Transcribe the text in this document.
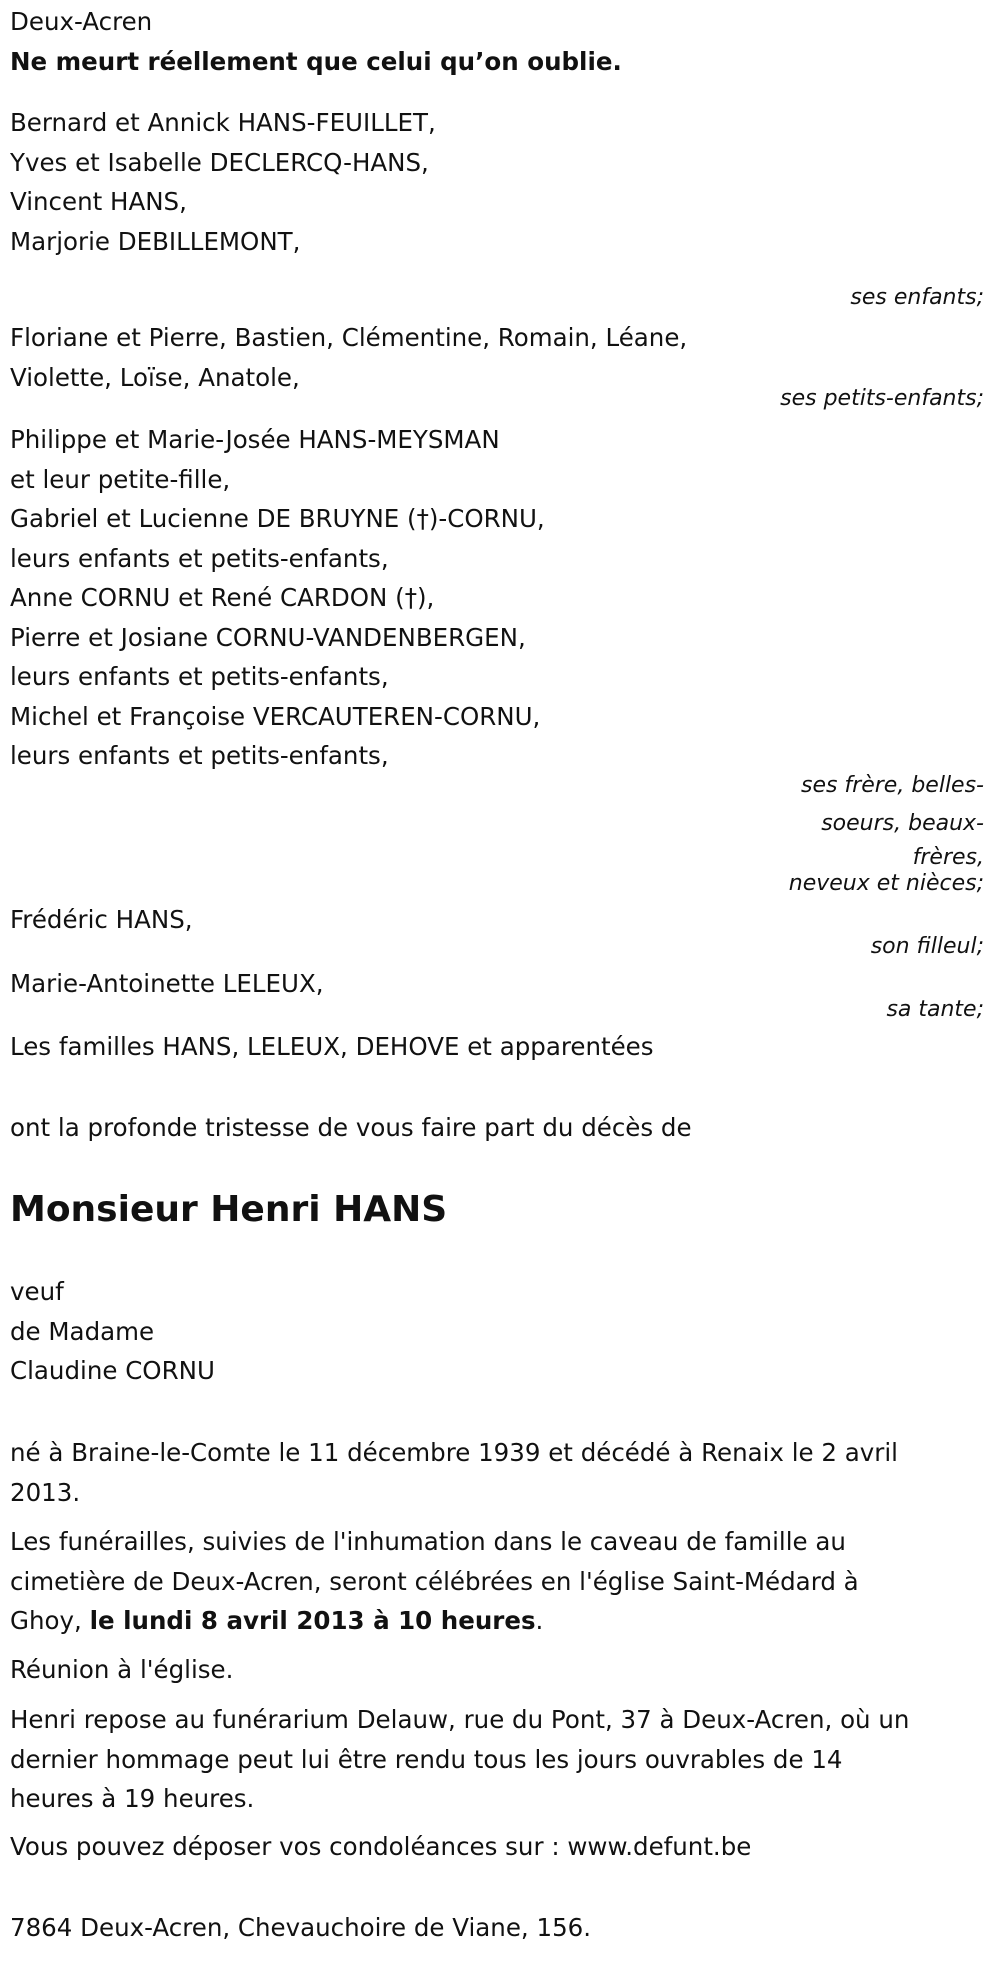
Deux-Acren
Ne meurt réellement que celui qu’on oublie.
Bernard et Annick HANS-FEUILLET,
Yves et Isabelle DECLERCQ-HANS,
Vincent HANS,
Marjorie DEBILLEMONT,
ses enfants;
Floriane et Pierre, Bastien, Clémentine, Romain, Léane,
Violette, Loïse, Anatole,
ses petits-enfants;
Philippe et Marie-Josée HANS-MEYSMAN
et leur petite-fille,
Gabriel et Lucienne DE BRUYNE (†)-CORNU,
leurs enfants et petits-enfants,
Anne CORNU et René CARDON (†),
Pierre et Josiane CORNU-VANDENBERGEN,
leurs enfants et petits-enfants,
Michel et Françoise VERCAUTEREN-CORNU,
leurs enfants et petits-enfants,
ses frère, belles-
soeurs, beaux-
frères,
neveux et nièces;
Frédéric HANS,
son filleul;
Marie-Antoinette LELEUX,
sa tante;
Les familles HANS, LELEUX, DEHOVE et apparentées
ont la profonde tristesse de vous faire part du décès de
Monsieur Henri HANS
veuf
de Madame
Claudine CORNU
né à Braine-le-Comte le 11 décembre 1939 et décédé à Renaix le 2 avril
2013.
Les funérailles, suivies de l'inhumation dans le caveau de famille au
cimetière de Deux-Acren, seront célébrées en l'église Saint-Médard à
Ghoy, le lundi 8 avril 2013 à 10 heures.
Réunion à l'église.
Henri repose au funérarium Delauw, rue du Pont, 37 à Deux-Acren, où un
dernier hommage peut lui être rendu tous les jours ouvrables de 14
heures à 19 heures.
Vous pouvez déposer vos condoléances sur : www.defunt.be
7864 Deux-Acren, Chevauchoire de Viane, 156.
